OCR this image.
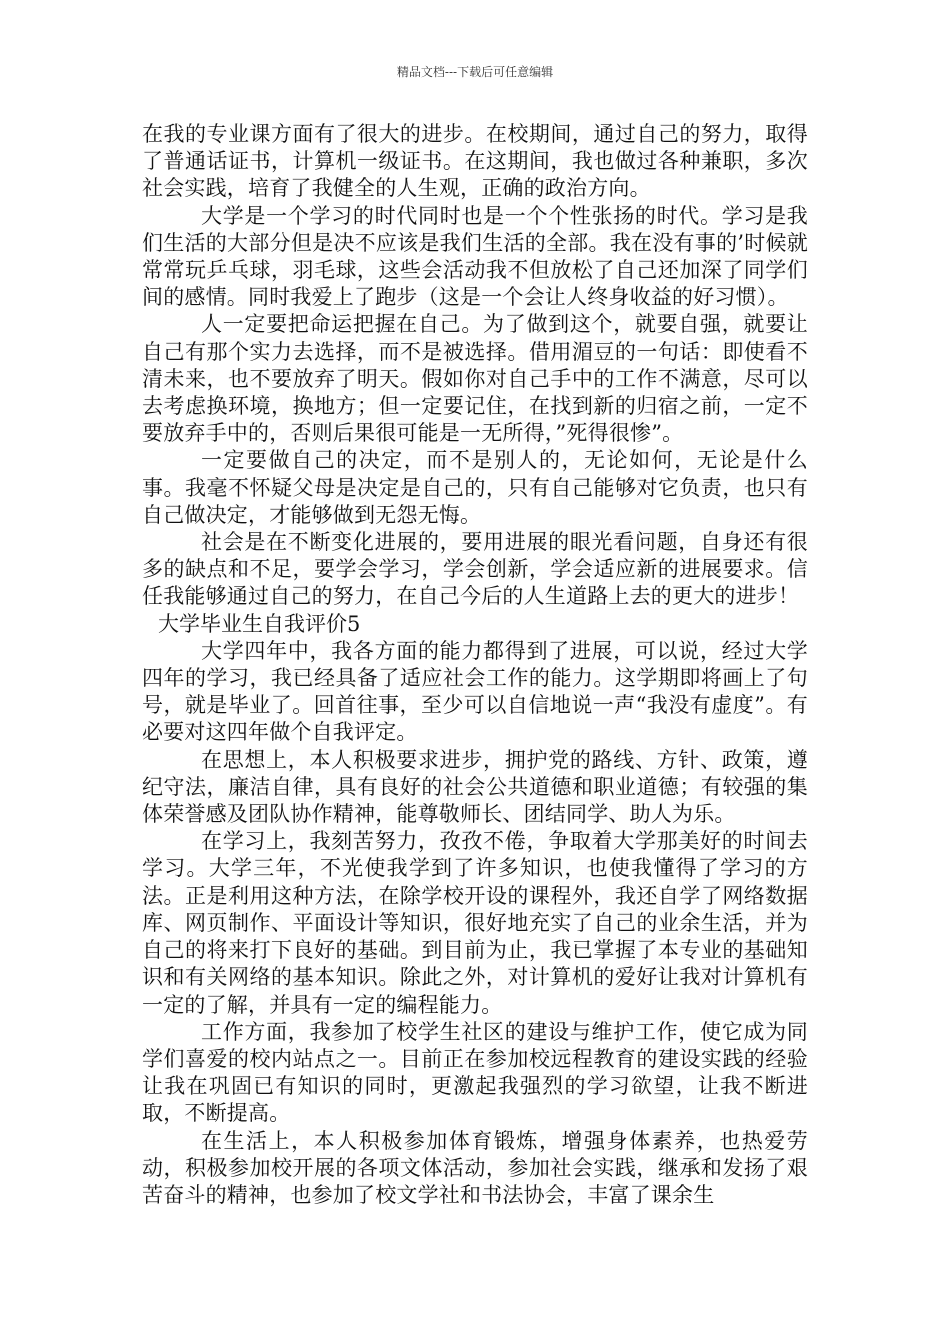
精品文档---下载后可任意编辑

在我的专业课方面有了很大的进步。在校期间，通过自己的努力，取得了普通话证书，计算机一级证书。在这期间，我也做过各种兼职，多次社会实践，培育了我健全的人生观，正确的政治方向。

大学是一个学习的时代同时也是一个个性张扬的时代。学习是我们生活的大部分但是决不应该是我们生活的全部。我在没有事的’时候就常常玩乒乓球，羽毛球，这些会活动我不但放松了自己还加深了同学们间的感情。同时我爱上了跑步（这是一个会让人终身收益的好习惯）。

人一定要把命运把握在自己。为了做到这个，就要自强，就要让自己有那个实力去选择，而不是被选择。借用湄豆的一句话：即使看不清未来，也不要放弃了明天。假如你对自己手中的工作不满意，尽可以去考虑换环境，换地方；但一定要记住，在找到新的归宿之前，一定不要放弃手中的，否则后果很可能是一无所得，”死得很惨”。

一定要做自己的决定，而不是别人的，无论如何，无论是什么事。我毫不怀疑父母是决定是自己的，只有自己能够对它负责，也只有自己做决定，才能够做到无怨无悔。

社会是在不断变化进展的，要用进展的眼光看问题，自身还有很多的缺点和不足，要学会学习，学会创新，学会适应新的进展要求。信任我能够通过自己的努力，在自己今后的人生道路上去的更大的进步！

大学毕业生自我评价5

大学四年中，我各方面的能力都得到了进展，可以说，经过大学四年的学习，我已经具备了适应社会工作的能力。这学期即将画上了句号，就是毕业了。回首往事，至少可以自信地说一声“我没有虚度”。有必要对这四年做个自我评定。

在思想上，本人积极要求进步，拥护党的路线、方针、政策，遵纪守法，廉洁自律，具有良好的社会公共道德和职业道德；有较强的集体荣誉感及团队协作精神，能尊敬师长、团结同学、助人为乐。

在学习上，我刻苦努力，孜孜不倦，争取着大学那美好的时间去学习。大学三年，不光使我学到了许多知识，也使我懂得了学习的方法。正是利用这种方法，在除学校开设的课程外，我还自学了网络数据库、网页制作、平面设计等知识，很好地充实了自己的业余生活，并为自己的将来打下良好的基础。到目前为止，我已掌握了本专业的基础知识和有关网络的基本知识。除此之外，对计算机的爱好让我对计算机有一定的了解，并具有一定的编程能力。

工作方面，我参加了校学生社区的建设与维护工作，使它成为同学们喜爱的校内站点之一。目前正在参加校远程教育的建设实践的经验让我在巩固已有知识的同时，更激起我强烈的学习欲望，让我不断进取，不断提高。

在生活上，本人积极参加体育锻炼，增强身体素养，也热爱劳动，积极参加校开展的各项文体活动，参加社会实践，继承和发扬了艰苦奋斗的精神，也参加了校文学社和书法协会，丰富了课余生
